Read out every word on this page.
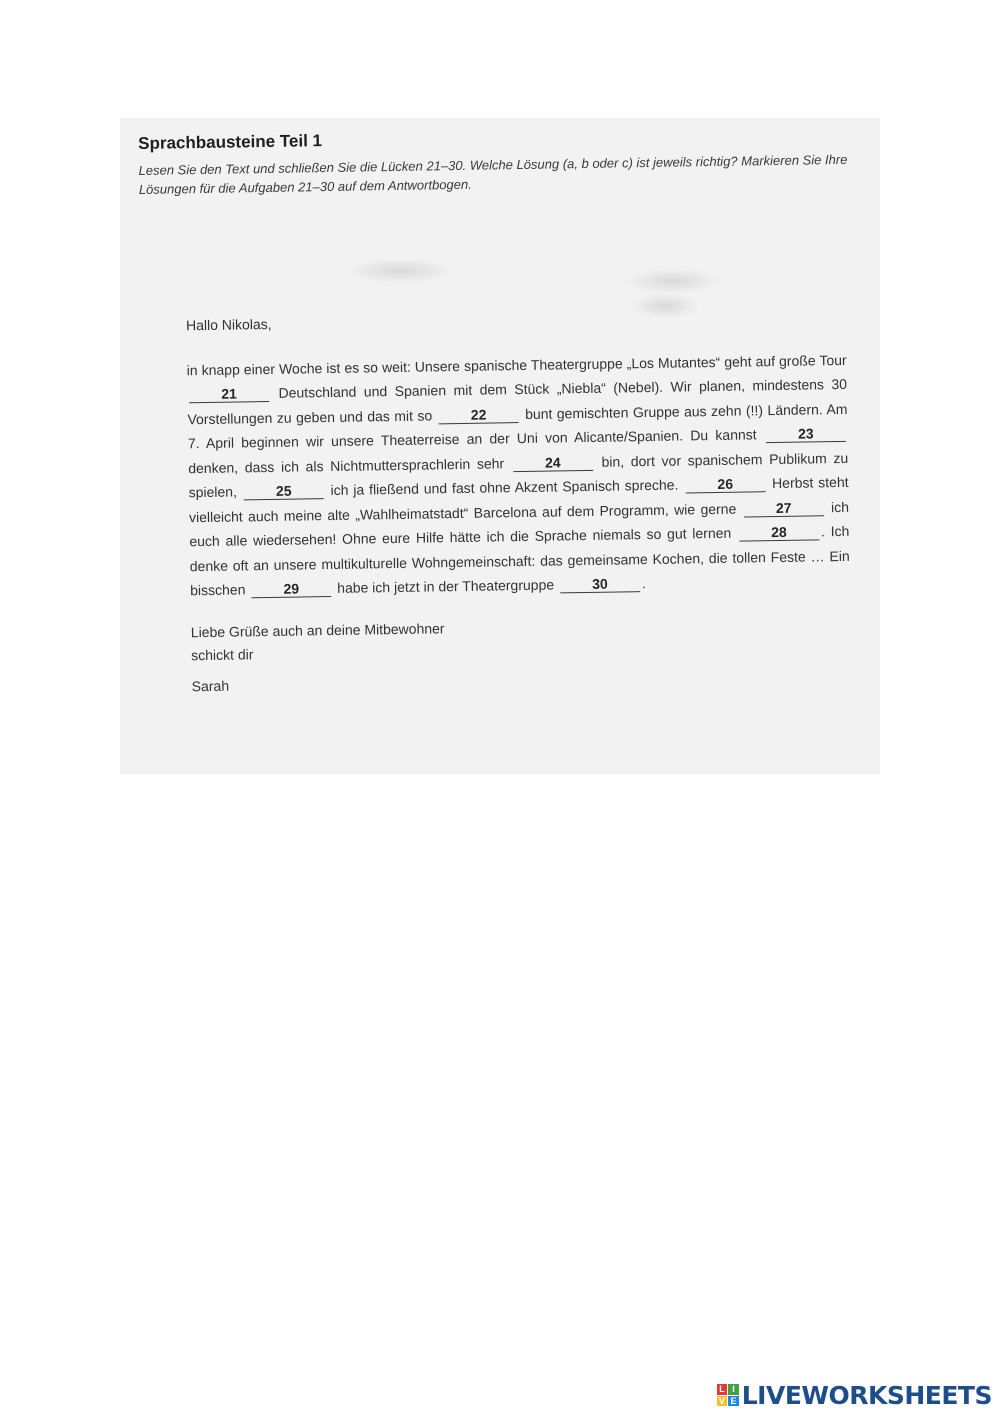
Sprachbausteine Teil 1

Lesen Sie den Text und schließen Sie die Lücken 21–30. Welche Lösung (a, b oder c) ist jeweils richtig? Markieren Sie Ihre Lösungen für die Aufgaben 21–30 auf dem Antwortbogen.

Hallo Nikolas,

in knapp einer Woche ist es so weit: Unsere spanische Theatergruppe „Los Mutantes“ geht auf große Tour 21 Deutschland und Spanien mit dem Stück „Niebla“ (Nebel). Wir planen, mindestens 30 Vorstellungen zu geben und das mit so 22 bunt gemischten Gruppe aus zehn (!!) Ländern. Am 7. April beginnen wir unsere Theaterreise an der Uni von Alicante/Spanien. Du kannst 23 denken, dass ich als Nichtmuttersprachlerin sehr 24 bin, dort vor spanischem Publikum zu spielen, 25 ich ja fließend und fast ohne Akzent Spanisch spreche. 26 Herbst steht vielleicht auch meine alte „Wahlheimatstadt“ Barcelona auf dem Programm, wie gerne 27 ich euch alle wiedersehen! Ohne eure Hilfe hätte ich die Sprache niemals so gut lernen 28 . Ich denke oft an unsere multikulturelle Wohngemeinschaft: das gemeinsame Kochen, die tollen Feste … Ein bisschen 29 habe ich jetzt in der Theatergruppe 30 .

Liebe Grüße auch an deine Mitbewohner
schickt dir
Sarah
L I
V E LIVEWORKSHEETS
